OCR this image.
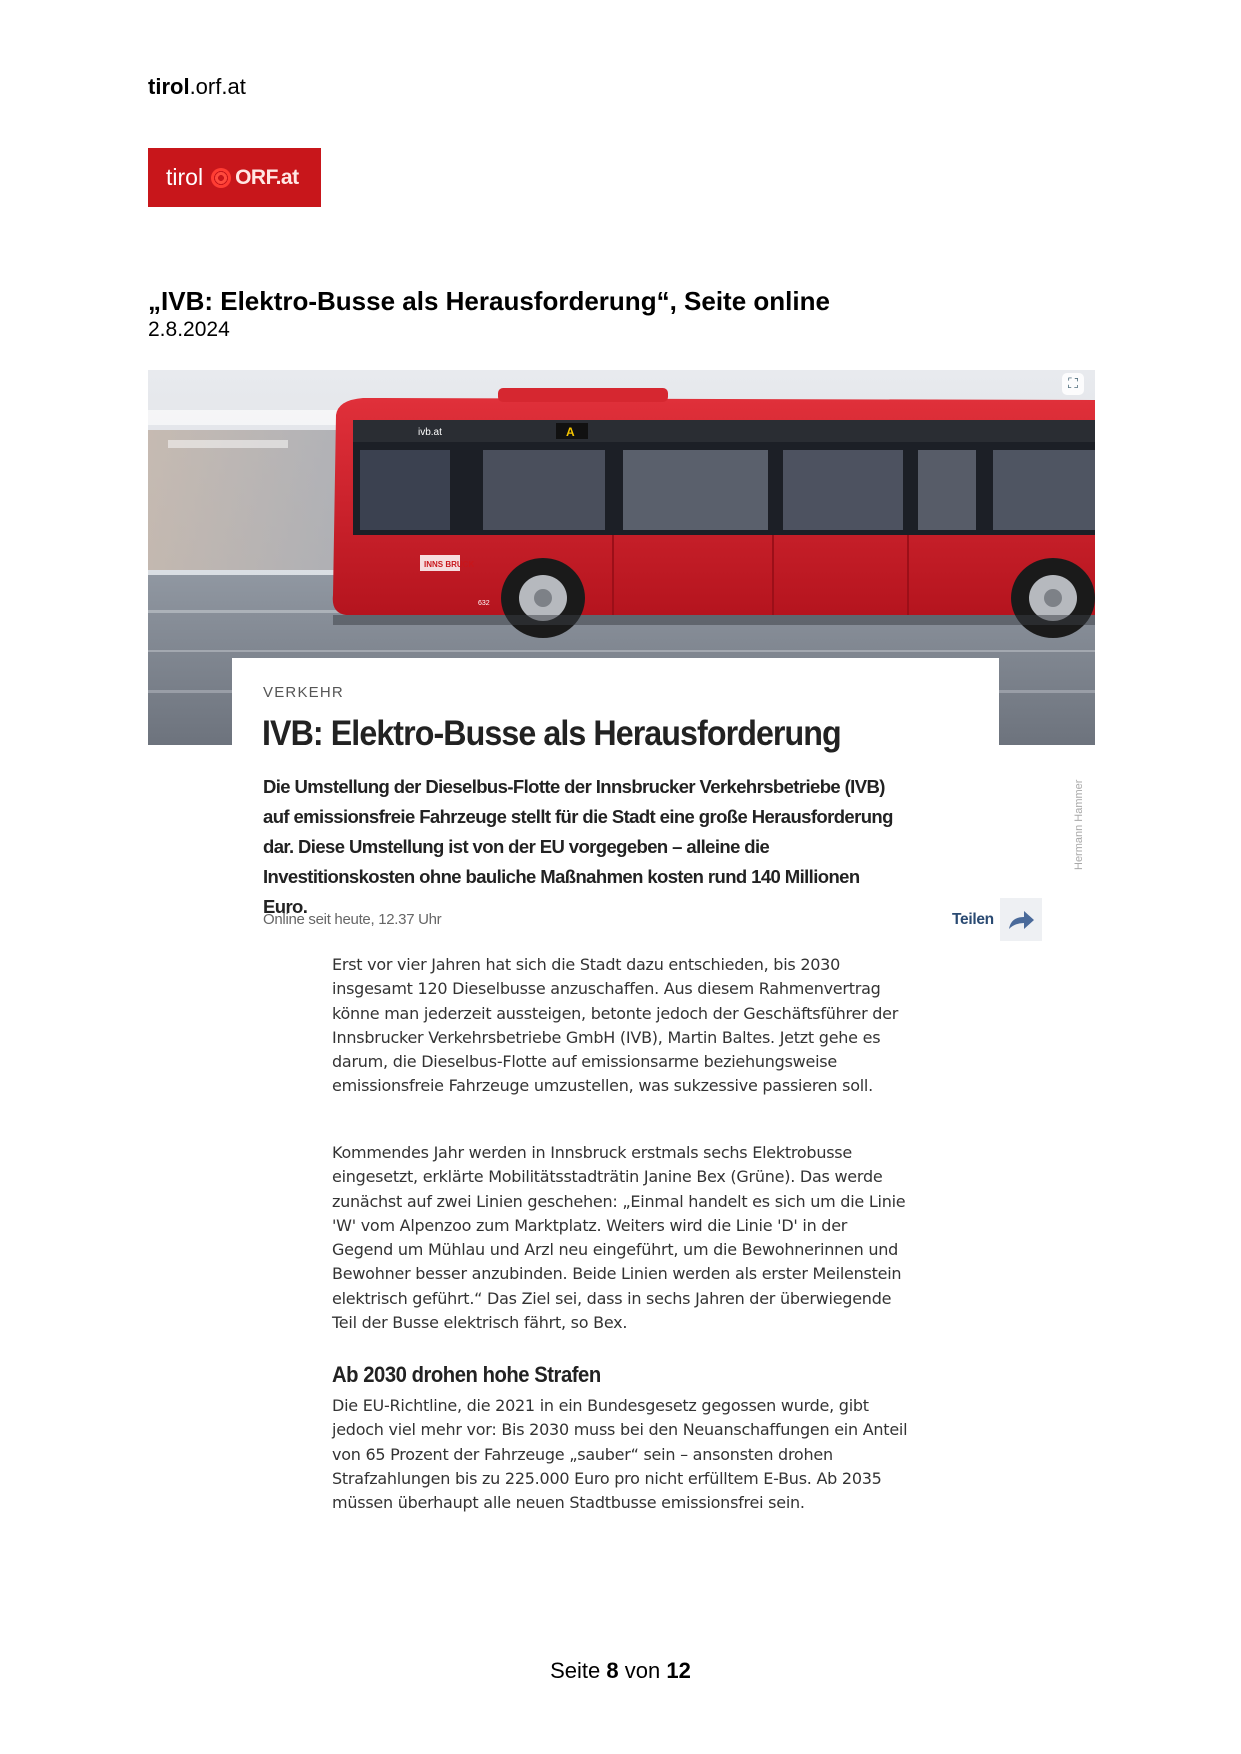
tirol.orf.at
tirol ORF.at
„IVB: Elektro-Busse als Herausforderung“, Seite online
2.8.2024
ivb.at	A
INNS BRUCK
632
⛶
Hermann Hammer
VERKEHR
IVB: Elektro-Busse als Herausforderung
Die Umstellung der Dieselbus-Flotte der Innsbrucker Verkehrsbetriebe (IVB) auf emissionsfreie Fahrzeuge stellt für die Stadt eine große Herausforderung dar. Diese Umstellung ist von der EU vorgegeben – alleine die Investitionskosten ohne bauliche Maßnahmen kosten rund 140 Millionen Euro.
Online seit heute, 12.37 Uhr	Teilen
Erst vor vier Jahren hat sich die Stadt dazu entschieden, bis 2030 insgesamt 120 Dieselbusse anzuschaffen. Aus diesem Rahmenvertrag könne man jederzeit aussteigen, betonte jedoch der Geschäftsführer der Innsbrucker Verkehrsbetriebe GmbH (IVB), Martin Baltes. Jetzt gehe es darum, die Dieselbus-Flotte auf emissionsarme beziehungsweise emissionsfreie Fahrzeuge umzustellen, was sukzessive passieren soll.
Kommendes Jahr werden in Innsbruck erstmals sechs Elektrobusse eingesetzt, erklärte Mobilitätsstadträtin Janine Bex (Grüne). Das werde zunächst auf zwei Linien geschehen: „Einmal handelt es sich um die Linie 'W' vom Alpenzoo zum Marktplatz. Weiters wird die Linie 'D' in der Gegend um Mühlau und Arzl neu eingeführt, um die Bewohnerinnen und Bewohner besser anzubinden. Beide Linien werden als erster Meilenstein elektrisch geführt.“ Das Ziel sei, dass in sechs Jahren der überwiegende Teil der Busse elektrisch fährt, so Bex.
Ab 2030 drohen hohe Strafen
Die EU-Richtline, die 2021 in ein Bundesgesetz gegossen wurde, gibt jedoch viel mehr vor: Bis 2030 muss bei den Neuanschaffungen ein Anteil von 65 Prozent der Fahrzeuge „sauber“ sein – ansonsten drohen Strafzahlungen bis zu 225.000 Euro pro nicht erfülltem E-Bus. Ab 2035 müssen überhaupt alle neuen Stadtbusse emissionsfrei sein.
Seite 8 von 12
